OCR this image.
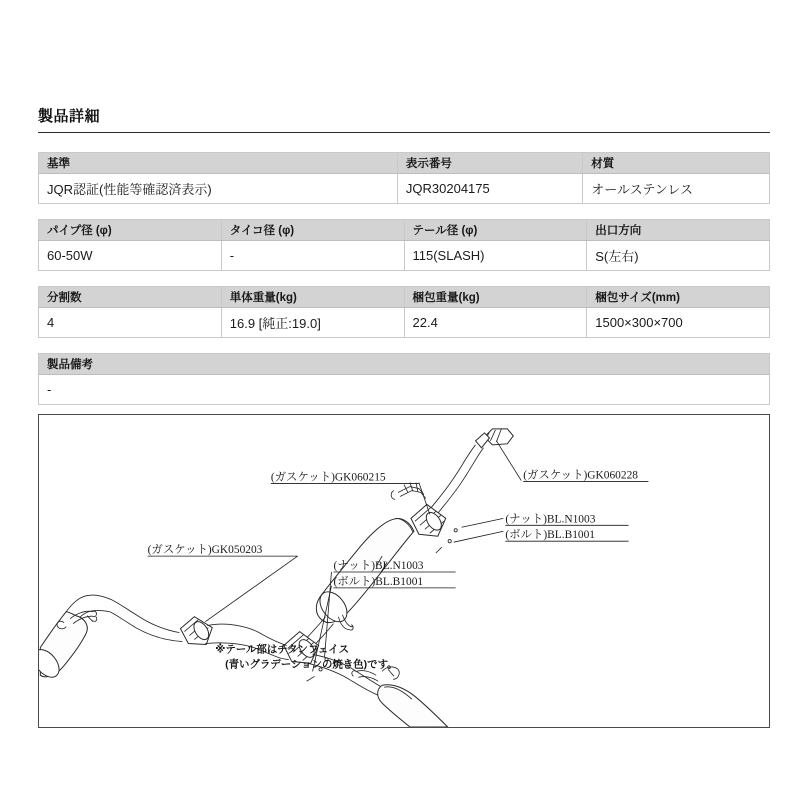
製品詳細
基準	表示番号	材質
JQR認証(性能等確認済表示)	JQR30204175	オールステンレス
パイプ径 (φ)	タイコ径 (φ)	テール径 (φ)	出口方向
60-50W	-	115(SLASH)	S(左右)
分割数	単体重量(kg)	梱包重量(kg)	梱包サイズ(mm)
4	16.9 [純正:19.0]	22.4	1500×300×700
製品備考
-
(ガスケット)GK060215	(ガスケット)GK060228
(ナット)BL.N1003
(ボルト)BL.B1001
(ガスケット)GK050203
(ナット)BL.N1003
(ボルト)BL.B1001
※テール部はチタンフェイス
(青いグラデーションの焼き色)です。
